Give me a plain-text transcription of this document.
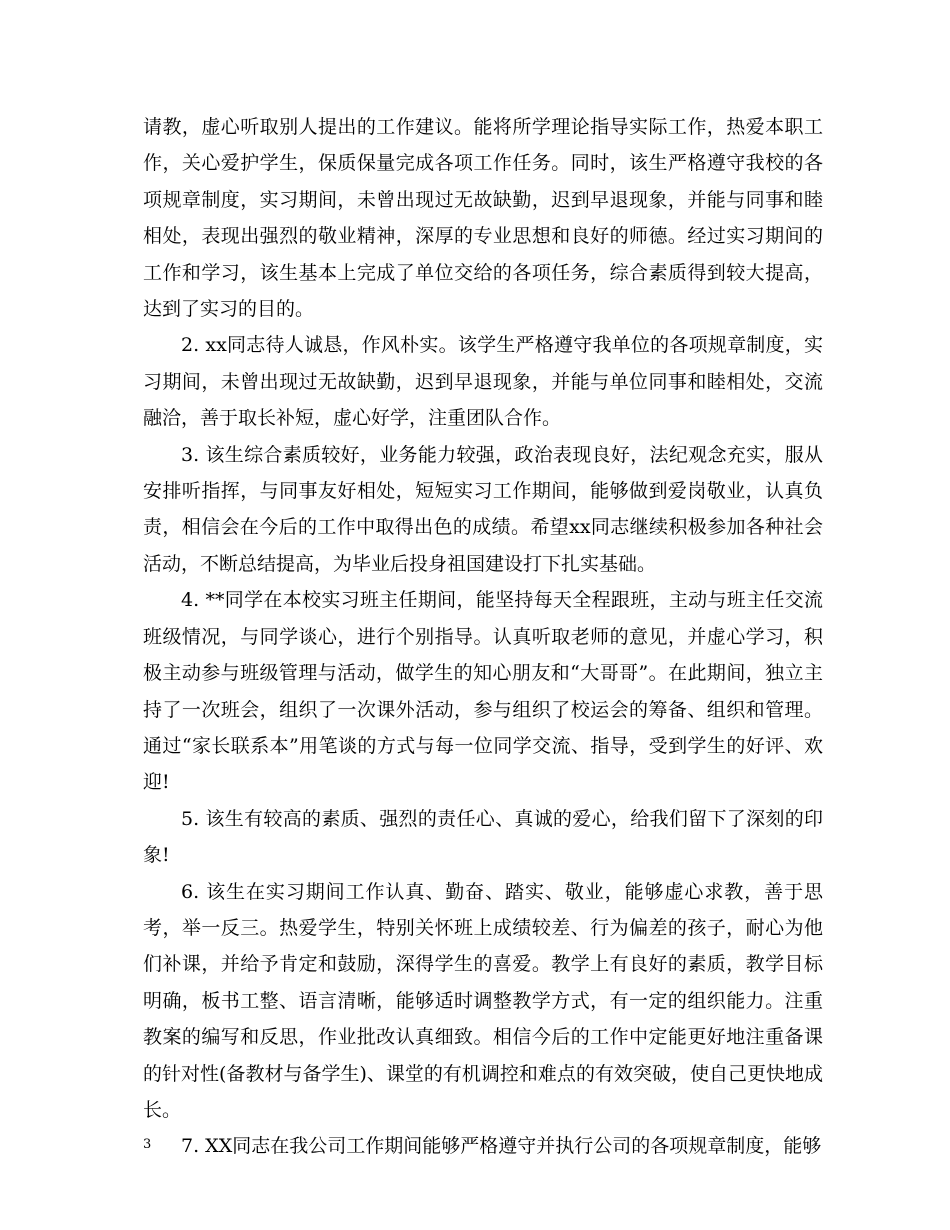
请教，虚心听取别人提出的工作建议。能将所学理论指导实际工作，热爱本职工作，关心爱护学生，保质保量完成各项工作任务。同时，该生严格遵守我校的各项规章制度，实习期间，未曾出现过无故缺勤，迟到早退现象，并能与同事和睦相处，表现出强烈的敬业精神，深厚的专业思想和良好的师德。经过实习期间的工作和学习，该生基本上完成了单位交给的各项任务，综合素质得到较大提高，达到了实习的目的。

2. xx同志待人诚恳，作风朴实。该学生严格遵守我单位的各项规章制度，实习期间，未曾出现过无故缺勤，迟到早退现象，并能与单位同事和睦相处，交流融洽，善于取长补短，虚心好学，注重团队合作。

3. 该生综合素质较好，业务能力较强，政治表现良好，法纪观念充实，服从安排听指挥，与同事友好相处，短短实习工作期间，能够做到爱岗敬业，认真负责，相信会在今后的工作中取得出色的成绩。希望xx同志继续积极参加各种社会活动，不断总结提高，为毕业后投身祖国建设打下扎实基础。

4. **同学在本校实习班主任期间，能坚持每天全程跟班，主动与班主任交流班级情况，与同学谈心，进行个别指导。认真听取老师的意见，并虚心学习，积极主动参与班级管理与活动，做学生的知心朋友和“大哥哥”。在此期间，独立主持了一次班会，组织了一次课外活动，参与组织了校运会的筹备、组织和管理。通过“家长联系本”用笔谈的方式与每一位同学交流、指导，受到学生的好评、欢迎!

5. 该生有较高的素质、强烈的责任心、真诚的爱心，给我们留下了深刻的印象!

6. 该生在实习期间工作认真、勤奋、踏实、敬业，能够虚心求教，善于思考，举一反三。热爱学生，特别关怀班上成绩较差、行为偏差的孩子，耐心为他们补课，并给予肯定和鼓励，深得学生的喜爱。教学上有良好的素质，教学目标明确，板书工整、语言清晰，能够适时调整教学方式，有一定的组织能力。注重教案的编写和反思，作业批改认真细致。相信今后的工作中定能更好地注重备课的针对性(备教材与备学生)、课堂的有机调控和难点的有效突破，使自己更快地成长。

7. XX同志在我公司工作期间能够严格遵守并执行公司的各项规章制度，能够

3
